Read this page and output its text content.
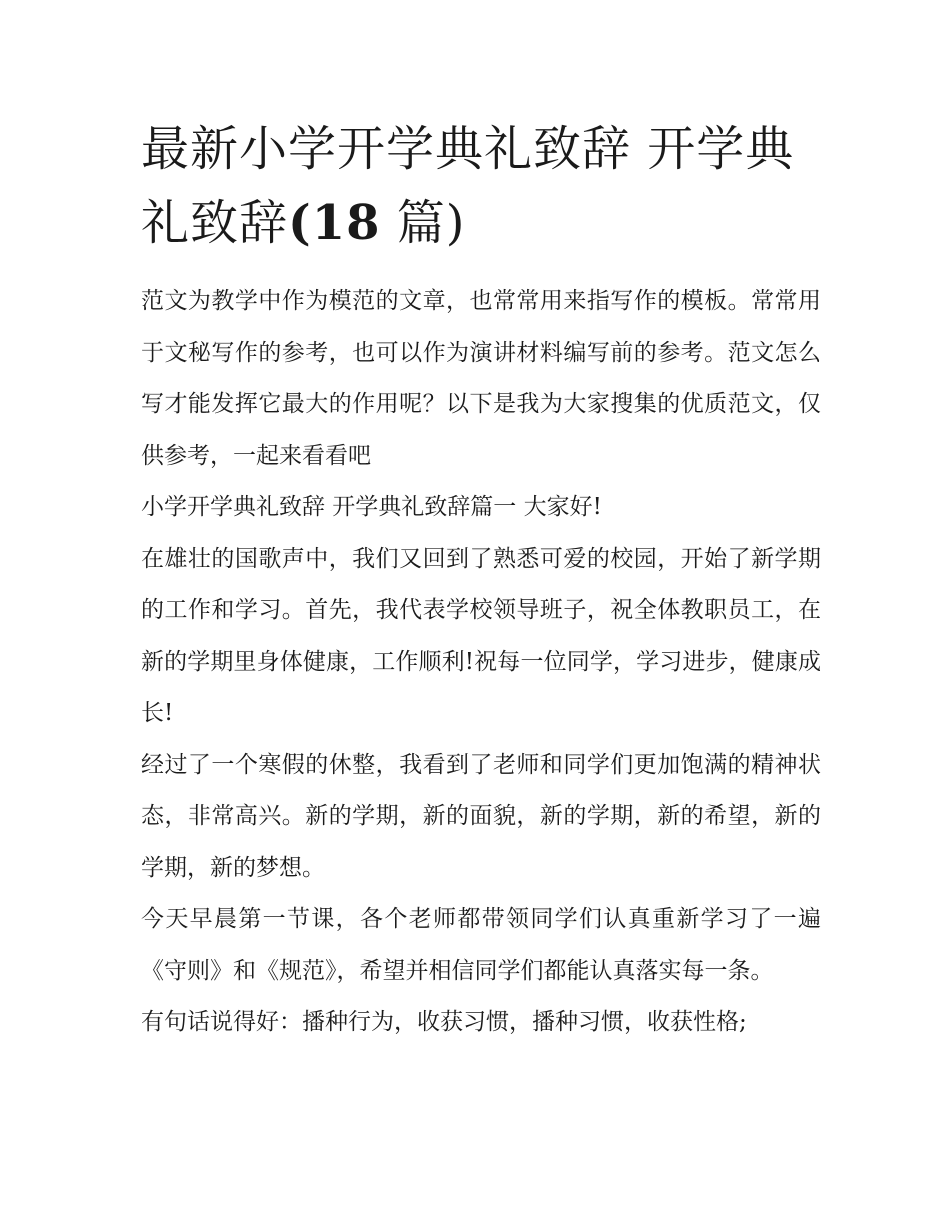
最新小学开学典礼致辞 开学典礼致辞(18 篇)

范文为教学中作为模范的文章，也常常用来指写作的模板。常常用于文秘写作的参考，也可以作为演讲材料编写前的参考。范文怎么写才能发挥它最大的作用呢？以下是我为大家搜集的优质范文，仅供参考，一起来看看吧

小学开学典礼致辞 开学典礼致辞篇一 大家好!

在雄壮的国歌声中，我们又回到了熟悉可爱的校园，开始了新学期的工作和学习。首先，我代表学校领导班子，祝全体教职员工，在新的学期里身体健康，工作顺利!祝每一位同学，学习进步，健康成长!

经过了一个寒假的休整，我看到了老师和同学们更加饱满的精神状态，非常高兴。新的学期，新的面貌，新的学期，新的希望，新的学期，新的梦想。

今天早晨第一节课，各个老师都带领同学们认真重新学习了一遍《守则》和《规范》，希望并相信同学们都能认真落实每一条。

有句话说得好：播种行为，收获习惯，播种习惯，收获性格;
